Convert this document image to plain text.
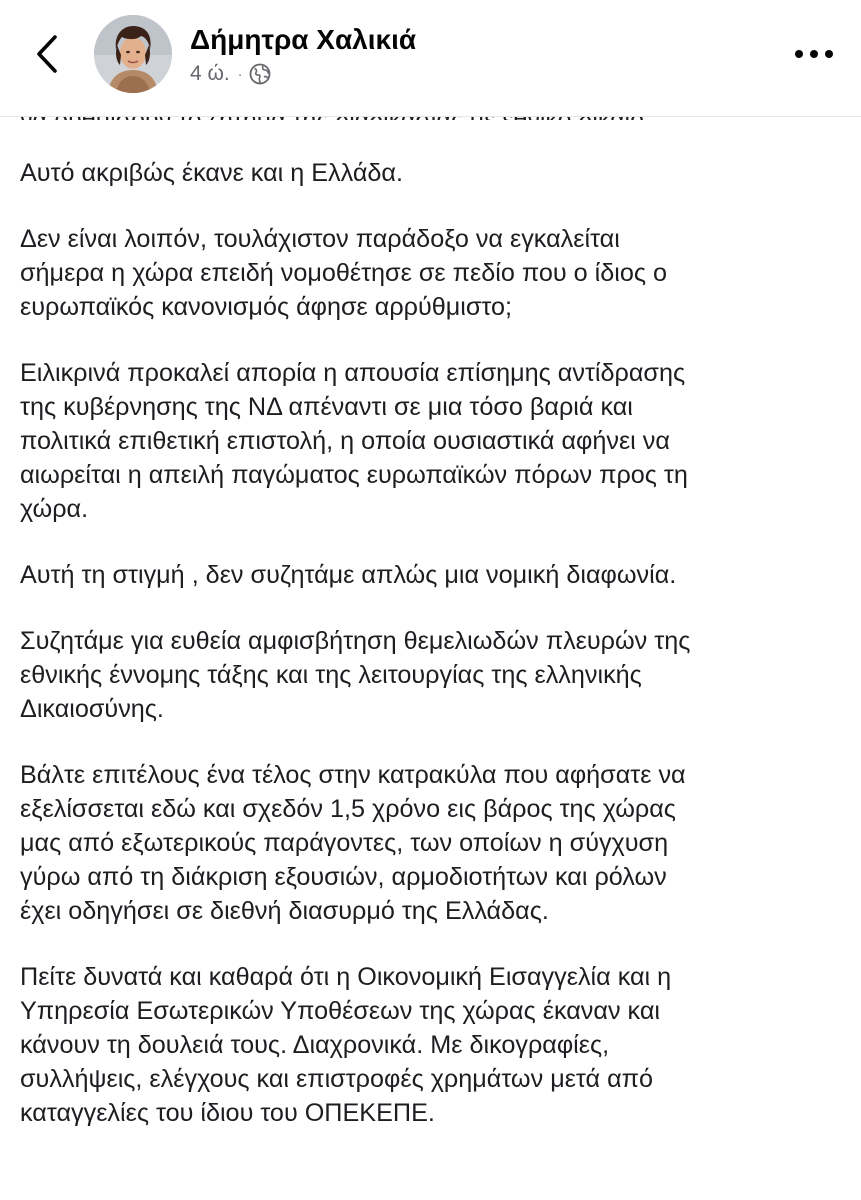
Δήμητρα Χαλικιά
4 ώ. ·

Αυτό ακριβώς έκανε και η Ελλάδα.

Δεν είναι λοιπόν, τουλάχιστον παράδοξο να εγκαλείται
σήμερα η χώρα επειδή νομοθέτησε σε πεδίο που ο ίδιος ο
ευρωπαϊκός κανονισμός άφησε αρρύθμιστο;

Ειλικρινά προκαλεί απορία η απουσία επίσημης αντίδρασης
της κυβέρνησης της ΝΔ απέναντι σε μια τόσο βαριά και
πολιτικά επιθετική επιστολή, η οποία ουσιαστικά αφήνει να
αιωρείται η απειλή παγώματος ευρωπαϊκών πόρων προς τη
χώρα.

Αυτή τη στιγμή , δεν συζητάμε απλώς μια νομική διαφωνία.

Συζητάμε για ευθεία αμφισβήτηση θεμελιωδών πλευρών της
εθνικής έννομης τάξης και της λειτουργίας της ελληνικής
Δικαιοσύνης.

Βάλτε επιτέλους ένα τέλος στην κατρακύλα που αφήσατε να
εξελίσσεται εδώ και σχεδόν 1,5 χρόνο εις βάρος της χώρας
μας από εξωτερικούς παράγοντες, των οποίων η σύγχυση
γύρω από τη διάκριση εξουσιών, αρμοδιοτήτων και ρόλων
έχει οδηγήσει σε διεθνή διασυρμό της Ελλάδας.

Πείτε δυνατά και καθαρά ότι η Οικονομική Εισαγγελία και η
Υπηρεσία Εσωτερικών Υποθέσεων της χώρας έκαναν και
κάνουν τη δουλειά τους. Διαχρονικά. Με δικογραφίες,
συλλήψεις, ελέγχους και επιστροφές χρημάτων μετά από
καταγγελίες του ίδιου του ΟΠΕΚΕΠΕ.
